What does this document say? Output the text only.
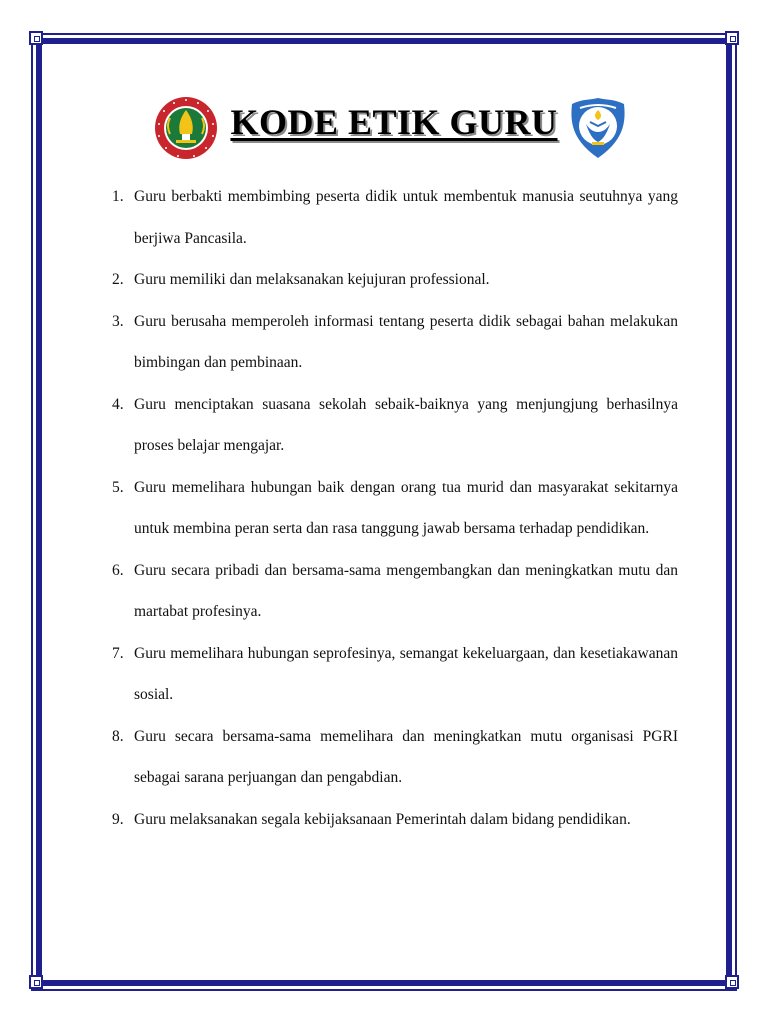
KODE ETIK GURU
1. Guru berbakti membimbing peserta didik untuk membentuk manusia seutuhnya yang berjiwa Pancasila.
2. Guru memiliki dan melaksanakan kejujuran professional.
3. Guru berusaha memperoleh informasi tentang peserta didik sebagai bahan melakukan bimbingan dan pembinaan.
4. Guru menciptakan suasana sekolah sebaik-baiknya yang menjungjung berhasilnya proses belajar mengajar.
5. Guru memelihara hubungan baik dengan orang tua murid dan masyarakat sekitarnya untuk membina peran serta dan rasa tanggung jawab bersama terhadap pendidikan.
6. Guru secara pribadi dan bersama-sama mengembangkan dan meningkatkan mutu dan martabat profesinya.
7. Guru memelihara hubungan seprofesinya, semangat kekeluargaan, dan kesetiakawanan sosial.
8. Guru secara bersama-sama memelihara dan meningkatkan mutu organisasi PGRI sebagai sarana perjuangan dan pengabdian.
9. Guru melaksanakan segala kebijaksanaan Pemerintah dalam bidang pendidikan.
